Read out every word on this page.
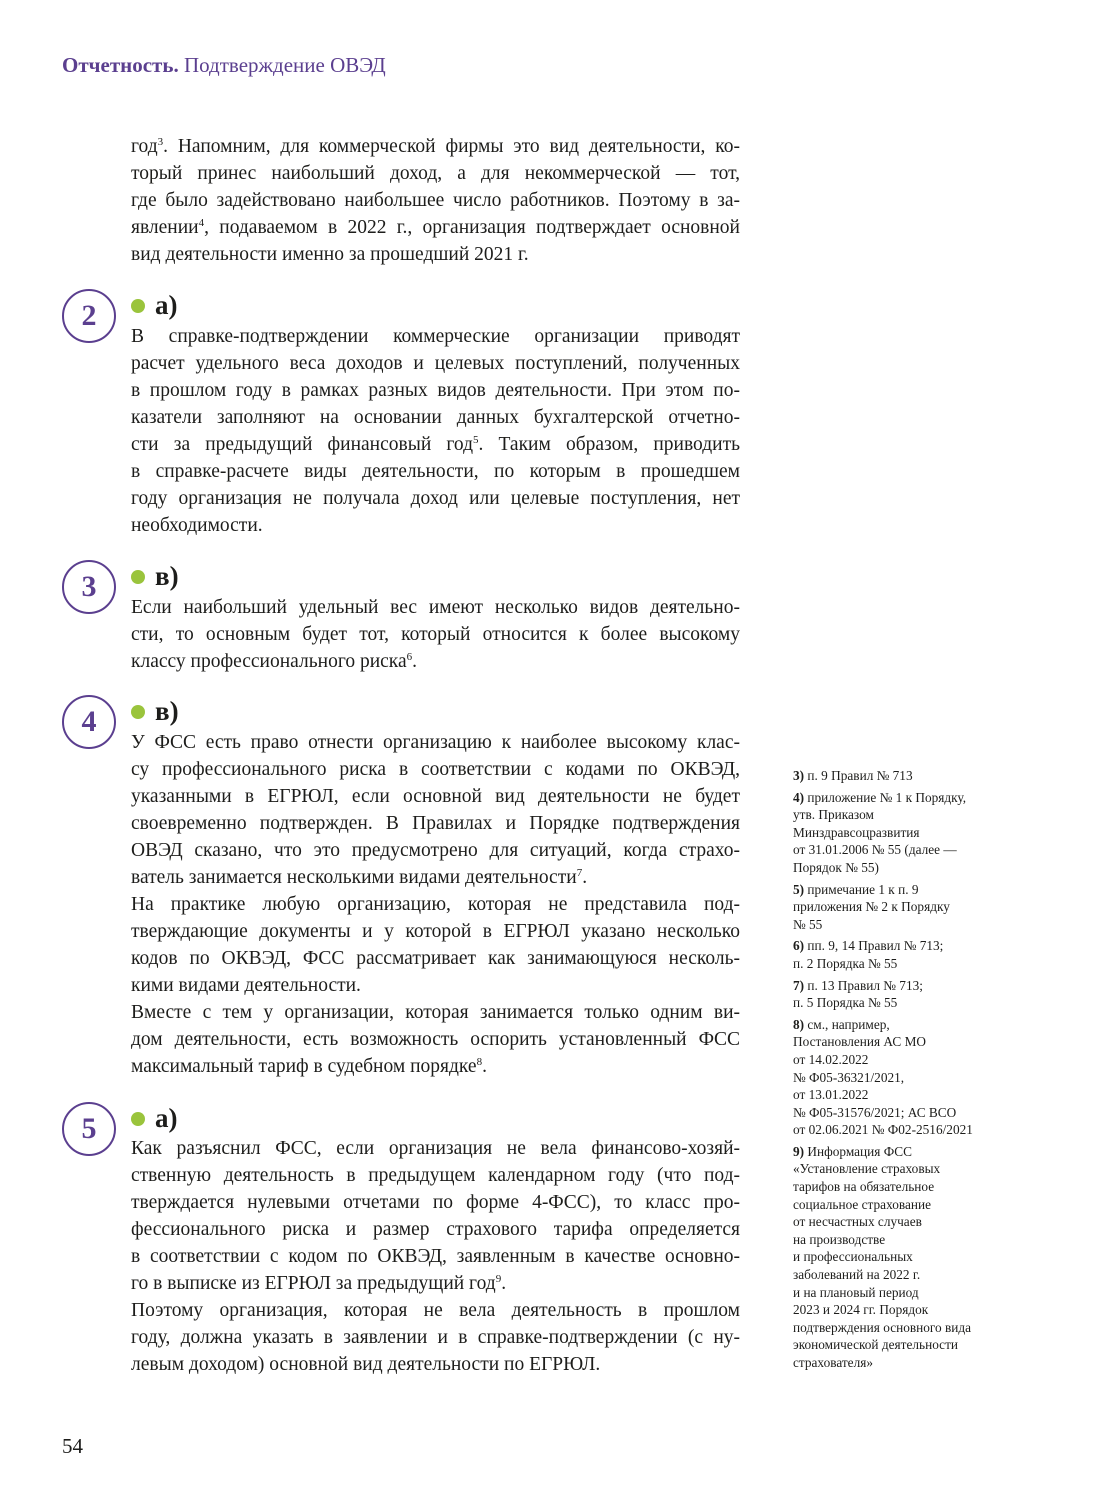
Отчетность. Подтверждение ОВЭД
год$^3$. Напомним, для коммерческой фирмы это вид деятельности, ко-
торый принес наибольший доход, а для некоммерческой — тот,
где было задействовано наибольшее число работников. Поэтому в за-
явлении$^4$, подаваемом в 2022 г., организация подтверждает основной
вид деятельности именно за прошедший 2021 г.
2	а)
В справке-подтверждении коммерческие организации приводят
расчет удельного веса доходов и целевых поступлений, полученных
в прошлом году в рамках разных видов деятельности. При этом по-
казатели заполняют на основании данных бухгалтерской отчетно-
сти за предыдущий финансовый год$^5$. Таким образом, приводить
в справке-расчете виды деятельности, по которым в прошедшем
году организация не получала доход или целевые поступления, нет
необходимости.
3	в)
Если наибольший удельный вес имеют несколько видов деятельно-
сти, то основным будет тот, который относится к более высокому
классу профессионального риска$^6$.
4	в)
У ФСС есть право отнести организацию к наиболее высокому клас-
су профессионального риска в соответствии с кодами по ОКВЭД,
указанными в ЕГРЮЛ, если основной вид деятельности не будет
своевременно подтвержден. В Правилах и Порядке подтверждения
ОВЭД сказано, что это предусмотрено для ситуаций, когда страхо-
ватель занимается несколькими видами деятельности$^7$.
На практике любую организацию, которая не представила под-
тверждающие документы и у которой в ЕГРЮЛ указано несколько
кодов по ОКВЭД, ФСС рассматривает как занимающуюся несколь-
кими видами деятельности.
Вместе с тем у организации, которая занимается только одним ви-
дом деятельности, есть возможность оспорить установленный ФСС
максимальный тариф в судебном порядке$^8$.
5	а)
Как разъяснил ФСС, если организация не вела финансово-хозяй-
ственную деятельность в предыдущем календарном году (что под-
тверждается нулевыми отчетами по форме 4-ФСС), то класс про-
фессионального риска и размер страхового тарифа определяется
в соответствии с кодом по ОКВЭД, заявленным в качестве основно-
го в выписке из ЕГРЮЛ за предыдущий год$^9$.
Поэтому организация, которая не вела деятельность в прошлом
году, должна указать в заявлении и в справке-подтверждении (с ну-
левым доходом) основной вид деятельности по ЕГРЮЛ.
3) п. 9 Правил № 713
4) приложение № 1 к Порядку,
утв. Приказом
Минздравсоцразвития
от 31.01.2006 № 55 (далее —
Порядок № 55)
5) примечание 1 к п. 9
приложения № 2 к Порядку
№ 55
6) пп. 9, 14 Правил № 713;
п. 2 Порядка № 55
7) п. 13 Правил № 713;
п. 5 Порядка № 55
8) см., например,
Постановления АС МО
от 14.02.2022
№ Ф05-36321/2021,
от 13.01.2022
№ Ф05-31576/2021; АС ВСО
от 02.06.2021 № Ф02-2516/2021
9) Информация ФСС
«Установление страховых
тарифов на обязательное
социальное страхование
от несчастных случаев
на производстве
и профессиональных
заболеваний на 2022 г.
и на плановый период
2023 и 2024 гг. Порядок
подтверждения основного вида
экономической деятельности
страхователя»
54
